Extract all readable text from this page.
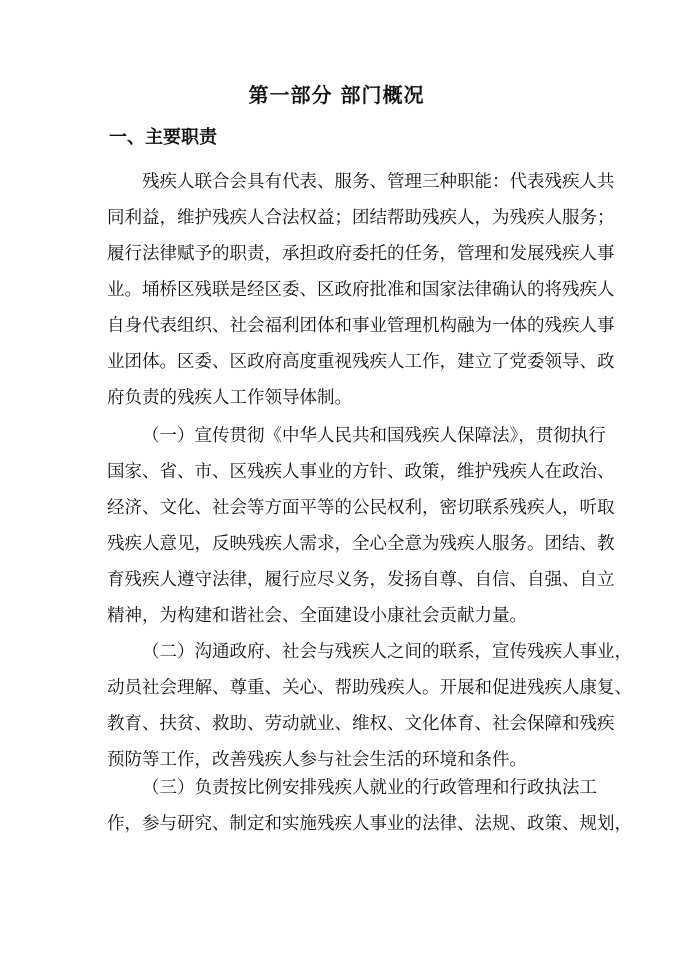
第一部分 部门概况
一、主要职责
残疾人联合会具有代表、服务、管理三种职能：代表残疾人共
同利益，维护残疾人合法权益；团结帮助残疾人，为残疾人服务；
履行法律赋予的职责，承担政府委托的任务，管理和发展残疾人事
业。埇桥区残联是经区委、区政府批准和国家法律确认的将残疾人
自身代表组织、社会福利团体和事业管理机构融为一体的残疾人事
业团体。区委、区政府高度重视残疾人工作，建立了党委领导、政
府负责的残疾人工作领导体制。
（一）宣传贯彻《中华人民共和国残疾人保障法》，贯彻执行
国家、省、市、区残疾人事业的方针、政策，维护残疾人在政治、
经济、文化、社会等方面平等的公民权利，密切联系残疾人，听取
残疾人意见，反映残疾人需求，全心全意为残疾人服务。团结、教
育残疾人遵守法律，履行应尽义务，发扬自尊、自信、自强、自立
精神，为构建和谐社会、全面建设小康社会贡献力量。
（二）沟通政府、社会与残疾人之间的联系，宣传残疾人事业，
动员社会理解、尊重、关心、帮助残疾人。开展和促进残疾人康复、
教育、扶贫、救助、劳动就业、维权、文化体育、社会保障和残疾
预防等工作，改善残疾人参与社会生活的环境和条件。
（三）负责按比例安排残疾人就业的行政管理和行政执法工
作，参与研究、制定和实施残疾人事业的法律、法规、政策、规划，
